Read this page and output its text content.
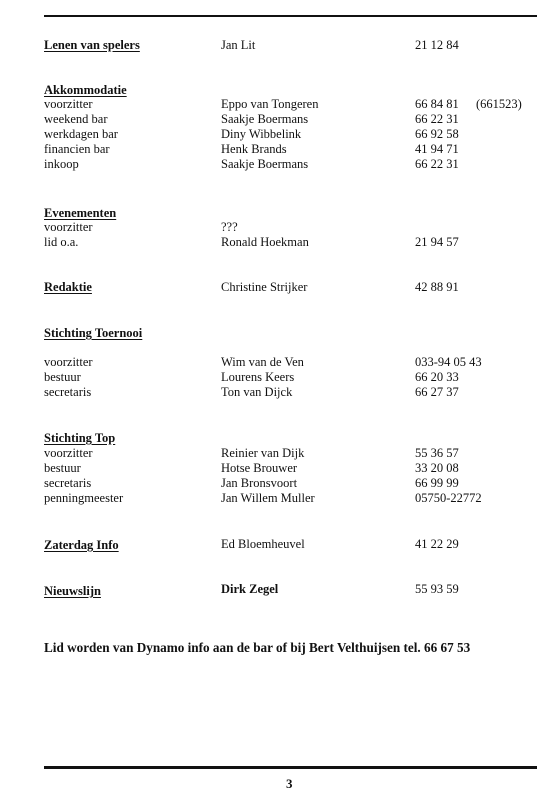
Lenen van spelers	Jan Lit	21 12 84
Akkommodatie
voorzitter	Eppo van Tongeren	66 84 81 (661523)
weekend bar	Saakje Boermans	66 22 31
werkdagen bar	Diny Wibbelink	66 92 58
financien bar	Henk Brands	41 94 71
inkoop	Saakje Boermans	66 22 31
Evenementen
voorzitter	???
lid o.a.	Ronald Hoekman	21 94 57
Redaktie	Christine Strijker	42 88 91
Stichting Toernooi
voorzitter	Wim van de Ven	033-94 05 43
bestuur	Lourens Keers	66 20 33
secretaris	Ton van Dijck	66 27 37
Stichting Top
voorzitter	Reinier van Dijk	55 36 57
bestuur	Hotse Brouwer	33 20 08
secretaris	Jan Bronsvoort	66 99 99
penningmeester	Jan Willem Muller	05750-22772
Zaterdag Info	Ed Bloemheuvel	41 22 29
Nieuwslijn	Dirk Zegel	55 93 59
Lid worden van Dynamo info aan de bar of bij Bert Velthuijsen tel. 66 67 53
3
